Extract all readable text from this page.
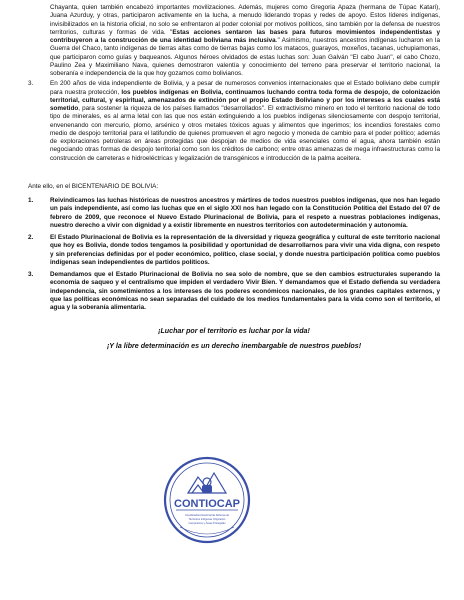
Chayanta, quien también encabezó importantes movilizaciones. Además, mujeres como Gregoria Apaza (hermana de Túpac Katari), Juana Azurduy, y otras, participaron activamente en la lucha, a menudo liderando tropas y redes de apoyo. Estos líderes indígenas, invisibilizados en la historia oficial, no solo se enfrentaron al poder colonial por motivos políticos, sino también por la defensa de nuestros territorios, culturas y formas de vida. "Estas acciones sentaron las bases para futuros movimientos independentistas y contribuyeron a la construcción de una identidad boliviana más inclusiva." Asimismo, nuestros ancestros indígenas lucharon en la Guerra del Chaco, tanto indígenas de tierras altas como de tierras bajas como los matacos, guarayos, moxeños, tacanas, uchupiamonas, que participaron como guías y baqueanos. Algunos héroes olvidados de estas luchas son: Juan Galván "El cabo Juan", el cabo Chozo, Paulino Zea y Maximiliano Nava, quienes demostraron valentía y conocimiento del terreno para preservar el territorio nacional, la soberanía e independencia de la que hoy gozamos como bolivianos.

3.	En 200 años de vida independiente de Bolivia, y a pesar de numerosos convenios internacionales que el Estado boliviano debe cumplir para nuestra protección, los pueblos indígenas en Bolivia, continuamos luchando contra toda forma de despojo, de colonización territorial, cultural, y espiritual, amenazados de extinción por el propio Estado Boliviano y por los intereses a los cuales está sometido, para sostener la riqueza de los países llamados "desarrollados". El extractivismo minero en todo el territorio nacional de todo tipo de minerales, es al arma letal con las que nos están extinguiendo a los pueblos indígenas silenciosamente con despojo territorial, envenenando con mercurio, plomo, arsénico y otros metales tóxicos aguas y alimentos que ingerimos; los incendios forestales como medio de despojo territorial para el latifundio de quienes promueven el agro negocio y moneda de cambio para el poder político; además de exploraciones petroleras en áreas protegidas que despojan de medios de vida esenciales como el agua, ahora también están negociando otras formas de despojo territorial como son los créditos de carbono; entre otras amenazas de mega infraestructuras como la construcción de carreteras e hidroeléctricas y legalización de transgénicos e introducción de la palma aceitera.

Ante ello, en el BICENTENARIO DE BOLIVIA:

1.	Reivindicamos las luchas históricas de nuestros ancestros y mártires de todos nuestros pueblos indígenas, que nos han legado un país independiente, así como las luchas que en el siglo XXI nos han legado con la Constitución Política del Estado del 07 de febrero de 2009, que reconoce el Nuevo Estado Plurinacional de Bolivia, para el respeto a nuestras poblaciones indígenas, nuestro derecho a vivir con dignidad y a existir libremente en nuestros territorios con autodeterminación y autonomía.

2.	El Estado Plurinacional de Bolivia es la representación de la diversidad y riqueza geográfica y cultural de este territorio nacional que hoy es Bolivia, donde todos tengamos la posibilidad y oportunidad de desarrollarnos para vivir una vida digna, con respeto y sin preferencias definidas por el poder económico, político, clase social, y donde nuestra participación política como pueblos indígenas sean independientes de partidos políticos.

3.	Demandamos que el Estado Plurinacional de Bolivia no sea solo de nombre, que se den cambios estructurales superando la economía de saqueo y el centralismo que impiden el verdadero Vivir Bien. Y demandamos que el Estado defienda su verdadera independencia, sin sometimientos a los intereses de los poderes económicos nacionales, de los grandes capitales externos, y que las políticas económicas no sean separadas del cuidado de los medios fundamentales para la vida como son el territorio, el agua y la soberanía alimentaria.

¡Luchar por el territorio es luchar por la vida!

¡Y la libre determinación es un derecho inembargable de nuestros pueblos!

CONTIOCAP
Coordinadora Nacional de Defensa de
Territorios Indígenas Originarios
Campesinos y Áreas Protegidas
